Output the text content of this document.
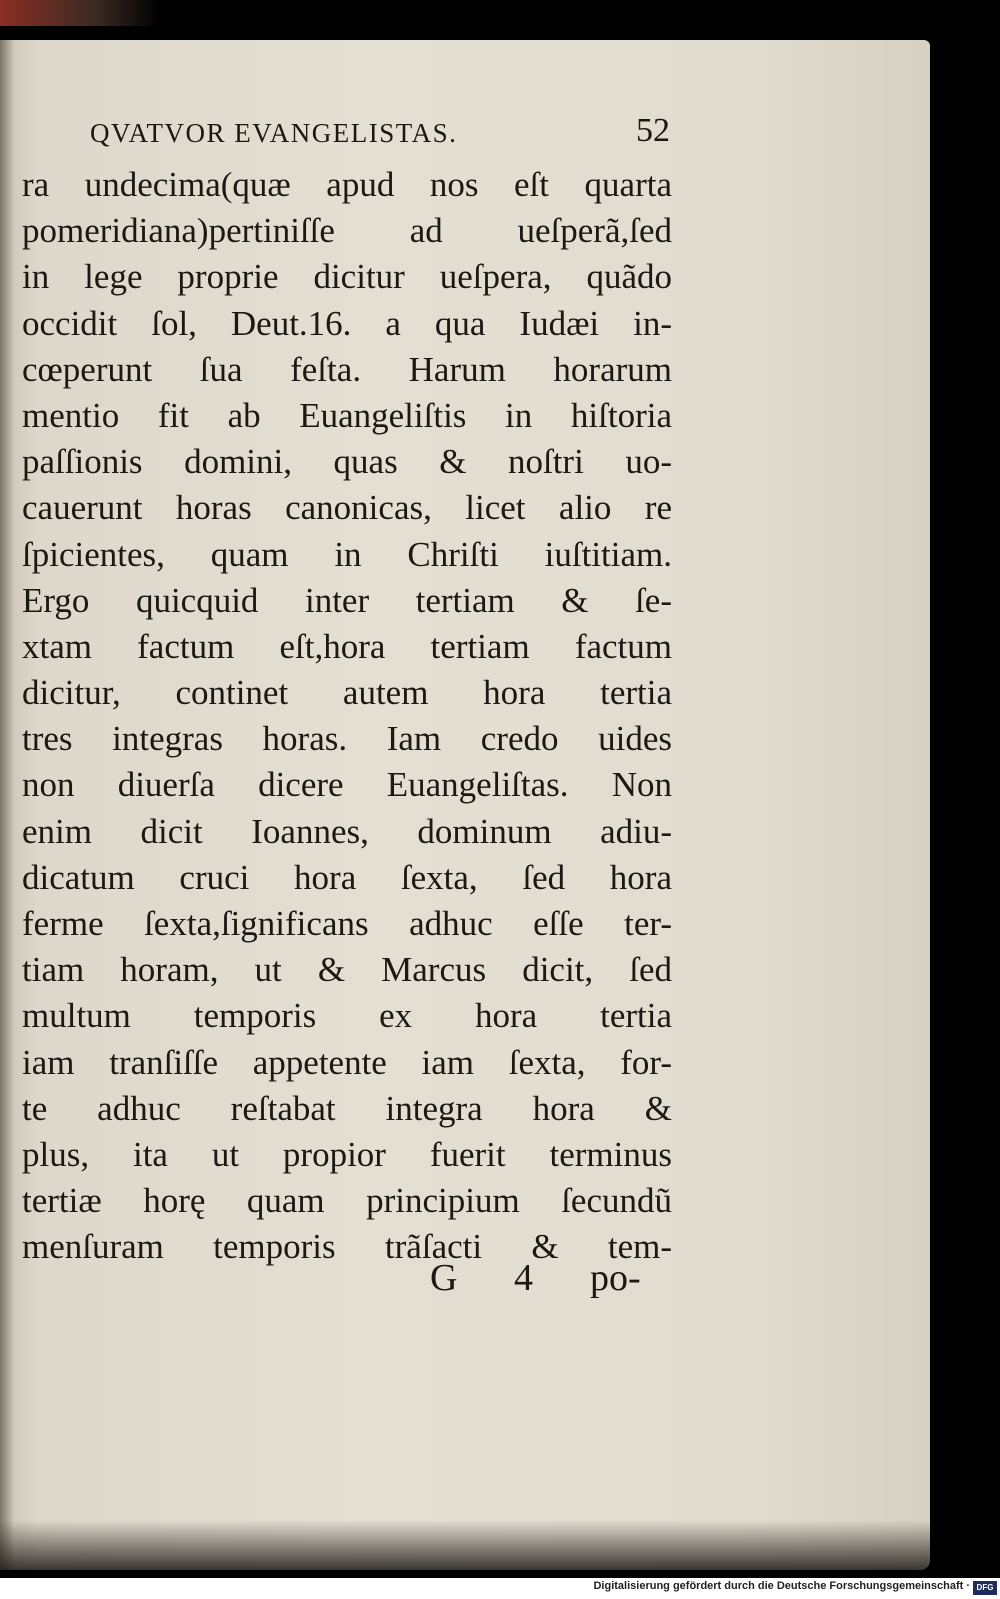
QVATVOR EVANGELISTAS.	52
ra undecima(quæ apud nos eſt quarta
pomeridiana)pertiniſſe ad ueſperã,ſed
in lege proprie dicitur ueſpera, quãdo
occidit ſol, Deut.16. a qua Iudæi in-
cœperunt ſua feſta. Harum horarum
mentio fit ab Euangeliſtis in hiſtoria
paſſionis domini, quas & noſtri uo-
cauerunt horas canonicas, licet alio re
ſpicientes, quam in Chriſti iuſtitiam.
Ergo quicquid inter tertiam & ſe-
xtam factum eſt,hora tertiam factum
dicitur, continet autem hora tertia
tres integras horas. Iam credo uides
non diuerſa dicere Euangeliſtas. Non
enim dicit Ioannes, dominum adiu-
dicatum cruci hora ſexta, ſed hora
ferme ſexta,ſignificans adhuc eſſe ter-
tiam horam, ut & Marcus dicit, ſed
multum temporis ex hora tertia
iam tranſiſſe appetente iam ſexta, for-
te adhuc reſtabat integra hora &
plus, ita ut propior fuerit terminus
tertiæ horę quam principium ſecundũ
menſuram temporis trãſacti & tem-
G 4 po-
Digitalisierung gefördert durch die Deutsche Forschungsgemeinschaft · DFG
